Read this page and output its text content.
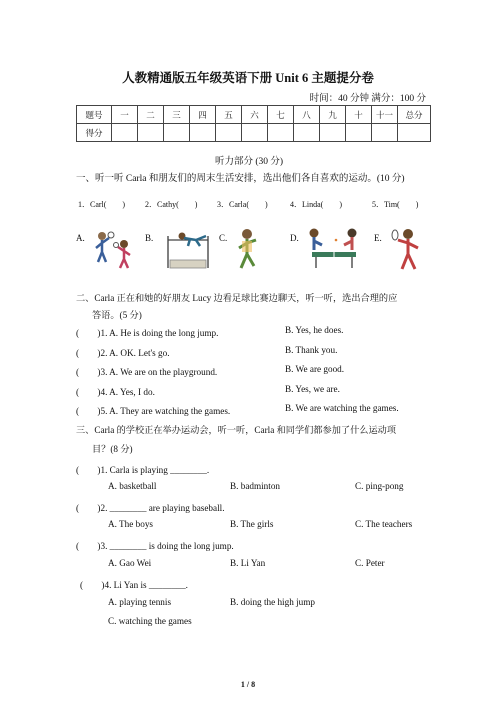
人教精通版五年级英语下册 Unit 6 主题提分卷
时间：40 分钟 满分：100 分
题号	一	二	三	四	五	六	七	八	九	十	十一	总分
得分												
听力部分 (30 分)
一、听一听 Carla 和朋友们的周末生活安排，选出他们各自喜欢的运动。(10 分)
1．Carl(　　) 2．Cathy(　　) 3．Carla(　　)	4．Linda(　　)	5．Tim(　　)
A.	B.	C.	D.	E.
二、Carla 正在和她的好朋友 Lucy 边看足球比赛边聊天，听一听，选出合理的应
答语。(5 分)
(　　)1. A. He is doing the long jump.	B. Yes, he does.
(　　)2. A. OK. Let's go.	B. Thank you.
(　　)3. A. We are on the playground.	B. We are good.
(　　)4. A. Yes, I do.	B. Yes, we are.
(　　)5. A. They are watching the games.	B. We are watching the games.
三、Carla 的学校正在举办运动会，听一听，Carla 和同学们都参加了什么运动项
目？(8 分)
(　　)1. Carla is playing ________.
A. basketball	B. badminton	C. ping-pong
(　　)2. ________ are playing baseball.
A. The boys	B. The girls	C. The teachers
(　　)3. ________ is doing the long jump.
A. Gao Wei	B. Li Yan	C. Peter
(　　)4. Li Yan is ________.
A. playing tennis	B. doing the high jump
C. watching the games
1 / 8
